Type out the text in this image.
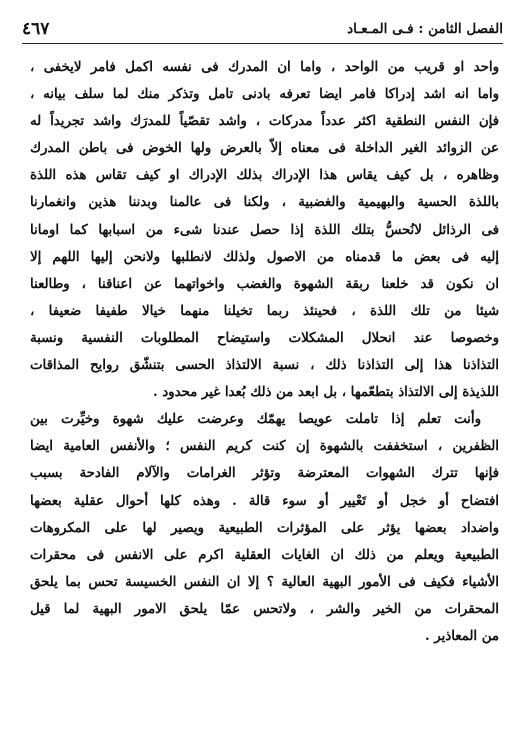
الفصل الثامن : فـى المـعـاد
٤٦٧
واحد او قريب من الواحد ، واما ان المدرك فى نفسه اكمل فامر لايخفى ،
واما انه اشد إدراكا فامر ايضا تعرفه بادنى تامل وتذكر منك لما سلف بيانه ،
فإن النفس النطقية اكثر عدداً مدركات ، واشد تقصّياً للمدرَك واشد تجريداً له
عن الزوائد الغير الداخلة فى معناه إلاّ بالعرض ولها الخوض فى باطن المدرك
وظاهره ، بل كيف يقاس هذا الإدراك بذلك الإدراك او كيف تقاس هذه اللذة
باللذة الحسية والبهيمية والغضبية ، ولكنا فى عالمنا وبدننا هذين وانغمارنا
فى الرذائل لانُحسُّ بتلك اللذة إذا حصل عندنا شىء من اسبابها كما اومانا
إليه فى بعض ما قدمناه من الاصول ولذلك لانطلبها ولانحن إليها اللهم إلا
ان نكون قد خلعنا ربقة الشهوة والغضب واخواتهما عن اعناقنا ، وطالعنا
شيئا من تلك اللذة ، فحينئذ ربما تخيلنا منهما خيالا طفيفا ضعيفا ،
وخصوصا عند انحلال المشكلات واستيضاح المطلوبات النفسية ونسبة
التذاذنا هذا إلى التذاذنا ذلك ، نسبة الالتذاذ الحسى بتنشّق روايح المذاقات
اللذيذة إلى الالتذاذ بتطعّمها ، بل ابعد من ذلك بُعدا غير محدود .
وأنت تعلم إذا تاملت عويصا يهمّك وعرضت عليك شهوة وخيِّرت بين
الظفرين ، استخففت بالشهوة إن كنت كريم النفس ؛ والأنفس العامية ايضا
فإنها تترك الشهوات المعترضة وتؤثر الغرامات والآلام الفادحة بسبب
افتضاح أو خجل أو تَعْيير أو سوء قالة . وهذه كلها أحوال عقلية بعضها
واضداد بعضها يؤثر على المؤثرات الطبيعية ويصير لها على المكروهات
الطبيعية ويعلم من ذلك ان الغايات العقلية اكرم على الانفس فى محقرات
الأشياء فكيف فى الأمور البهية العالية ؟ إلا ان النفس الخسيسة تحس بما يلحق
المحقرات من الخير والشر ، ولاتحس عمّا يلحق الامور البهية لما قيل
من المعاذير .
